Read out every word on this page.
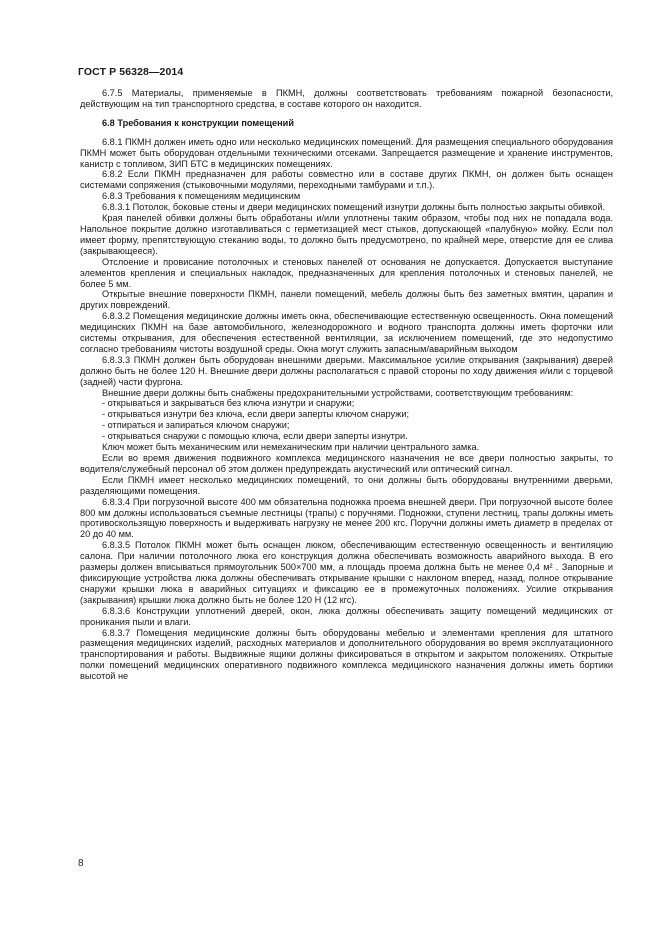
ГОСТ Р 56328—2014

6.7.5 Материалы, применяемые в ПКМН, должны соответствовать требованиям пожарной безопасности, действующим на тип транспортного средства, в составе которого он находится.

6.8 Требования к конструкции помещений

6.8.1 ПКМН должен иметь одно или несколько медицинских помещений. Для размещения специального оборудования ПКМН может быть оборудован отдельными техническими отсеками. Запрещается размещение и хранение инструментов, канистр с топливом, ЗИП БТС в медицинских помещениях.

6.8.2 Если ПКМН предназначен для работы совместно или в составе других ПКМН, он должен быть оснащен системами сопряжения (стыковочными модулями, переходными тамбурами и т.п.).

6.8.3 Требования к помещениям медицинским

6.8.3.1 Потолок, боковые стены и двери медицинских помещений изнутри должны быть полностью закрыты обивкой.

Края панелей обивки должны быть обработаны и/или уплотнены таким образом, чтобы под них не попадала вода. Напольное покрытие должно изготавливаться с герметизацией мест стыков, допускающей «палубную» мойку. Если пол имеет форму, препятствующую стеканию воды, то должно быть предусмотрено, по крайней мере, отверстие для ее слива (закрывающееся).

Отслоение и провисание потолочных и стеновых панелей от основания не допускается. Допускается выступание элементов крепления и специальных накладок, предназначенных для крепления потолочных и стеновых панелей, не более 5 мм.

Открытые внешние поверхности ПКМН, панели помещений, мебель должны быть без заметных вмятин, царапин и других повреждений.

6.8.3.2 Помещения медицинские должны иметь окна, обеспечивающие естественную освещенность. Окна помещений медицинских ПКМН на базе автомобильного, железнодорожного и водного транспорта должны иметь форточки или системы открывания, для обеспечения естественной вентиляции, за исключением помещений, где это недопустимо согласно требованиям чистоты воздушной среды. Окна могут служить запасным/аварийным выходом

6.8.3.3 ПКМН должен быть оборудован внешними дверьми. Максимальное усилие открывания (закрывания) дверей должно быть не более 120 Н. Внешние двери должны располагаться с правой стороны по ходу движения и/или с торцевой (задней) части фургона.

Внешние двери должны быть снабжены предохранительными устройствами, соответствующим требованиям:

- открываться и закрываться без ключа изнутри и снаружи;

- открываться изнутри без ключа, если двери заперты ключом снаружи;

- отпираться и запираться ключом снаружи;

- открываться снаружи с помощью ключа, если двери заперты изнутри.

Ключ может быть механическим или немеханическим при наличии центрального замка.

Если во время движения подвижного комплекса медицинского назначения не все двери полностью закрыты, то водителя/служебный персонал об этом должен предупреждать акустический или оптический сигнал.

Если ПКМН имеет несколько медицинских помещений, то они должны быть оборудованы внутренними дверьми, разделяющими помещения.

6.8.3.4 При погрузочной высоте 400 мм обязательна подножка проема внешней двери. При погрузочной высоте более 800 мм должны использоваться съемные лестницы (трапы) с поручнями. Подножки, ступени лестниц, трапы должны иметь противоскользящую поверхность и выдерживать нагрузку не менее 200 кгс. Поручни должны иметь диаметр в пределах от 20 до 40 мм.

6.8.3.5 Потолок ПКМН может быть оснащен люком, обеспечивающим естественную освещенность и вентиляцию салона. При наличии потолочного люка его конструкция должна обеспечивать возможность аварийного выхода. В его размеры должен вписываться прямоугольник 500×700 мм, а площадь проема должна быть не менее 0,4 м² . Запорные и фиксирующие устройства люка должны обеспечивать открывание крышки с наклоном вперед, назад, полное открывание снаружи крышки люка в аварийных ситуациях и фиксацию ее в промежуточных положениях. Усилие открывания (закрывания) крышки люка должно быть не более 120 Н (12 кгс).

6.8.3.6 Конструкции уплотнений дверей, окон, люка должны обеспечивать защиту помещений медицинских от проникания пыли и влаги.

6.8.3.7 Помещения медицинские должны быть оборудованы мебелью и элементами крепления для штатного размещения медицинских изделий, расходных материалов и дополнительного оборудования во время эксплуатационного транспортирования и работы. Выдвижные ящики должны фиксироваться в открытом и закрытом положениях. Открытые полки помещений медицинских оперативного подвижного комплекса медицинского назначения должны иметь бортики высотой не

8
